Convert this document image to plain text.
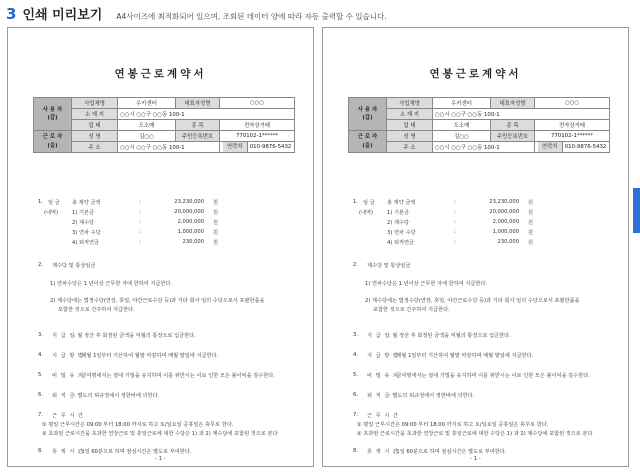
3 인쇄 미리보기 A4사이즈에 최적화되어 있으며, 조회된 데이터 양에 따라 자동 출력할 수 있습니다.
연봉근로계약서
사 용 자
(갑)	사업체명	우키센터	대표자성명	○○○
	소 재 지	○○시 ○○구 ○○동 100-1		
	업 태	도소매	종 목	전자상거래
근 로 자
(을)	성 명	김○○	주민등록번호	770102-1******
	주 소	○○시 ○○구 ○○동 100-1		연락처 010-9876-5432
1. 임 금 총 계약 금액	:	23,230,000 원
(내역)	1) 기본금	:	20,000,000 원
2) 제수당	:	2,000,000 원
3) 연차 수당	:	1,000,000 원
4) 퇴직연금	:	230,000 원
2. 제수당 및 통상임금
1) 연차수당은 1 년이상 근무한 자에 한하여 지급한다.
2) 제수당에는 법정수당(연장, 휴일, 야간근로수당 등)과 기타 회사 임의 수당으로서 포괄한품을
포함한 것으로 간주하여 지급한다.
3. 지 급 일
: 월 정산 후 회정된 금액을 익월의 통장으로 입금한다.
4. 지 급 방 법
: 매월 1일부터 기산하여 월말 마감하며 매월 말일에 지급한다.
5. 비 밀 유 지
: 금여명세서는 절대 기밀을 유지하며 이를 위반시는 이로 인한 모든 불이익을 감수한다.
6. 퇴 직 금
: 별도의 퇴규정에서 정한바에 의한다.
7. 근 무 시 간
① 평일 근무시간은 09:00 부터 18:00 까지로 하고 토/일요일 공휴일은 휴무로 한다.
② 초과된 근로시간을 초과한 연장근로 및 휴일근로에 대한 수당은 1) 과 2) 제수당에 포함된 것으로 본다
8. 휴 게 시 간
: 1일 60분으로 하며 점심시간은 별도로 부여한다.
- 1 -
연봉근로계약서
사 용 자
(갑)	사업체명	우키센터	대표자성명	○○○
	소 재 지	○○시 ○○구 ○○동 100-1		
	업 태	도소매	종 목	전자상거래
근 로 자
(을)	성 명	김○○	주민등록번호	770102-1******
	주 소	○○시 ○○구 ○○동 100-1		연락처 010-9876-5432
1. 임 금 총 계약 금액	:	23,230,000 원
(내역)	1) 기본금	:	20,000,000 원
2) 제수당	:	2,000,000 원
3) 연차 수당	:	1,000,000 원
4) 퇴직연금	:	230,000 원
2. 제수당 및 통상임금
1) 연차수당은 1 년이상 근무한 자에 한하여 지급한다.
2) 제수당에는 법정수당(연장, 휴일, 야간근로수당 등)과 기타 회사 임의 수당으로서 포괄한품을
포함한 것으로 간주하여 지급한다.
3. 지 급 일
: 월 정산 후 회정된 금액을 익월의 통장으로 입금한다.
4. 지 급 방 법
: 매월 1일부터 기산하여 월말 마감하며 매월 말일에 지급한다.
5. 비 밀 유 지
: 금여명세서는 절대 기밀을 유지하며 이를 위반시는 이로 인한 모든 불이익을 감수한다.
6. 퇴 직 금
: 별도의 퇴규정에서 정한바에 의한다.
7. 근 무 시 간
① 평일 근무시간은 09:00 부터 18:00 까지로 하고 토/일요일 공휴일은 휴무로 한다.
② 초과된 근로시간을 초과한 연장근로 및 휴일근로에 대한 수당은 1) 과 2) 제수당에 포함된 것으로 본다
8. 휴 게 시 간
: 1일 60분으로 하며 점심시간은 별도로 부여한다.
- 1 -
